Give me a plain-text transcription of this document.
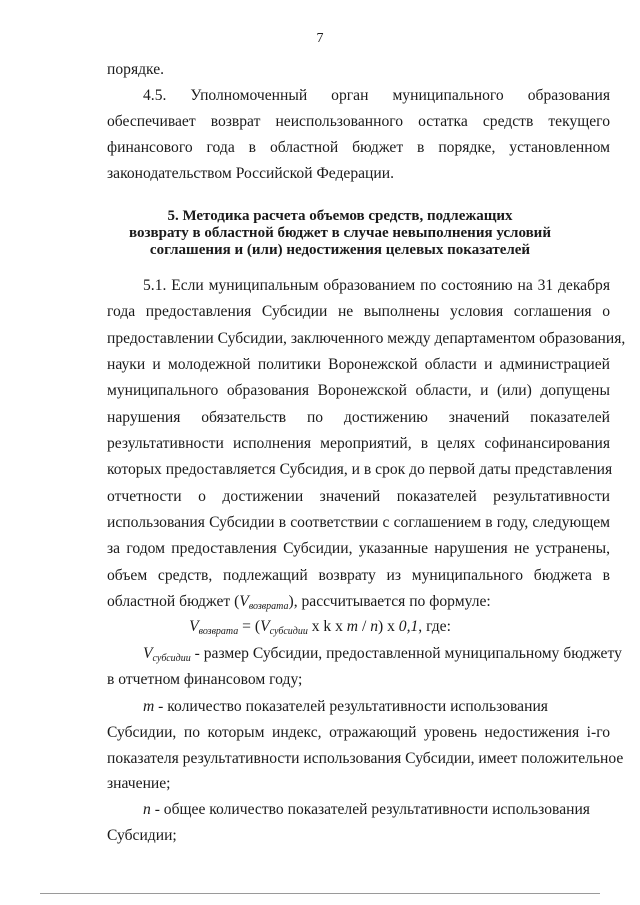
7
порядке.
4.5. Уполномоченный орган муниципального образования
обеспечивает возврат неиспользованного остатка средств текущего
финансового года в областной бюджет в порядке, установленном
законодательством Российской Федерации.
5. Методика расчета объемов средств, подлежащих
возврату в областной бюджет в случае невыполнения условий
соглашения и (или) недостижения целевых показателей
5.1. Если муниципальным образованием по состоянию на 31 декабря
года предоставления Субсидии не выполнены условия соглашения о
предоставлении Субсидии, заключенного между департаментом образования,
науки и молодежной политики Воронежской области и администрацией
муниципального образования Воронежской области, и (или) допущены
нарушения обязательств по достижению значений показателей
результативности исполнения мероприятий, в целях софинансирования
которых предоставляется Субсидия, и в срок до первой даты представления
отчетности о достижении значений показателей результативности
использования Субсидии в соответствии с соглашением в году, следующем
за годом предоставления Субсидии, указанные нарушения не устранены,
объем средств, подлежащий возврату из муниципального бюджета в
областной бюджет $(V_{возврата})$, рассчитывается по формуле:
$V_{возврата} = (V_{субсидии}$ x k x m / n) x 0,1, где:
$V_{субсидии}$ - размер Субсидии, предоставленной муниципальному бюджету
в отчетном финансовом году;
m - количество показателей результативности использования
Субсидии, по которым индекс, отражающий уровень недостижения i-го
показателя результативности использования Субсидии, имеет положительное
значение;
n - общее количество показателей результативности использования
Субсидии;
